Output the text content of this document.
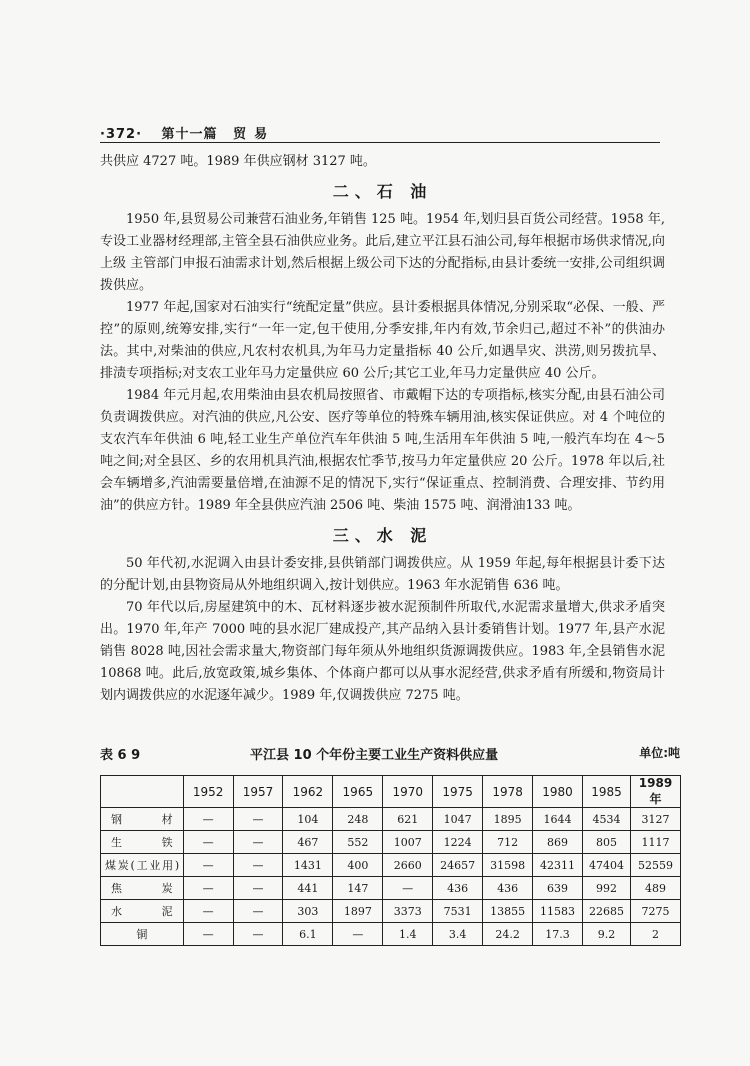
·372· 第十一篇 贸易

共供应 4727 吨。1989 年供应钢材 3127 吨。

二、石 油

1950 年,县贸易公司兼营石油业务,年销售 125 吨。1954 年,划归县百货公司经营。1958 年,专设工业器材经理部,主管全县石油供应业务。此后,建立平江县石油公司,每年根据市场供求情况,向上级 主管部门申报石油需求计划,然后根据上级公司下达的分配指标,由县计委统一安排,公司组织调拨供应。

1977 年起,国家对石油实行“统配定量”供应。县计委根据具体情况,分别采取“必保、一般、严控”的原则,统筹安排,实行“一年一定,包干使用,分季安排,年内有效,节余归己,超过不补”的供油办法。其中,对柴油的供应,凡农村农机具,为年马力定量指标 40 公斤,如遇旱灾、洪涝,则另拨抗旱、排渍专项指标;对支农工业年马力定量供应 60 公斤;其它工业,年马力定量供应 40 公斤。

1984 年元月起,农用柴油由县农机局按照省、市戴帽下达的专项指标,核实分配,由县石油公司负责调拨供应。对汽油的供应,凡公安、医疗等单位的特殊车辆用油,核实保证供应。对 4 个吨位的支农汽车年供油 6 吨,轻工业生产单位汽车年供油 5 吨,生活用车年供油 5 吨,一般汽车均在 4～5 吨之间;对全县区、乡的农用机具汽油,根据农忙季节,按马力年定量供应 20 公斤。1978 年以后,社会车辆增多,汽油需要量倍增,在油源不足的情况下,实行“保证重点、控制消费、合理安排、节约用油”的供应方针。1989 年全县供应汽油 2506 吨、柴油 1575 吨、润滑油133 吨。

三、水 泥

50 年代初,水泥调入由县计委安排,县供销部门调拨供应。从 1959 年起,每年根据县计委下达的分配计划,由县物资局从外地组织调入,按计划供应。1963 年水泥销售 636 吨。

70 年代以后,房屋建筑中的木、瓦材料逐步被水泥预制件所取代,水泥需求量增大,供求矛盾突出。1970 年,年产 7000 吨的县水泥厂建成投产,其产品纳入县计委销售计划。1977 年,县产水泥销售 8028 吨,因社会需求量大,物资部门每年须从外地组织货源调拨供应。1983 年,全县销售水泥 10868 吨。此后,放宽政策,城乡集体、个体商户都可以从事水泥经营,供求矛盾有所缓和,物资局计划内调拨供应的水泥逐年减少。1989 年,仅调拨供应 7275 吨。

表 6 9	平江县 10 个年份主要工业生产资料供应量	单位:吨
	1952	1957	1962	1965	1970	1975	1978	1980	1985	1989 年
钢材	—	—	104	248	621	1047	1895	1644	4534	3127
生铁	—	—	467	552	1007	1224	712	869	805	1117
煤炭(工业用)	—	—	1431	400	2660	24657	31598	42311	47404	52559
焦炭	—	—	441	147	—	436	436	639	992	489
水泥	—	—	303	1897	3373	7531	13855	11583	22685	7275
铜	—	—	6.1	—	1.4	3.4	24.2	17.3	9.2	2
